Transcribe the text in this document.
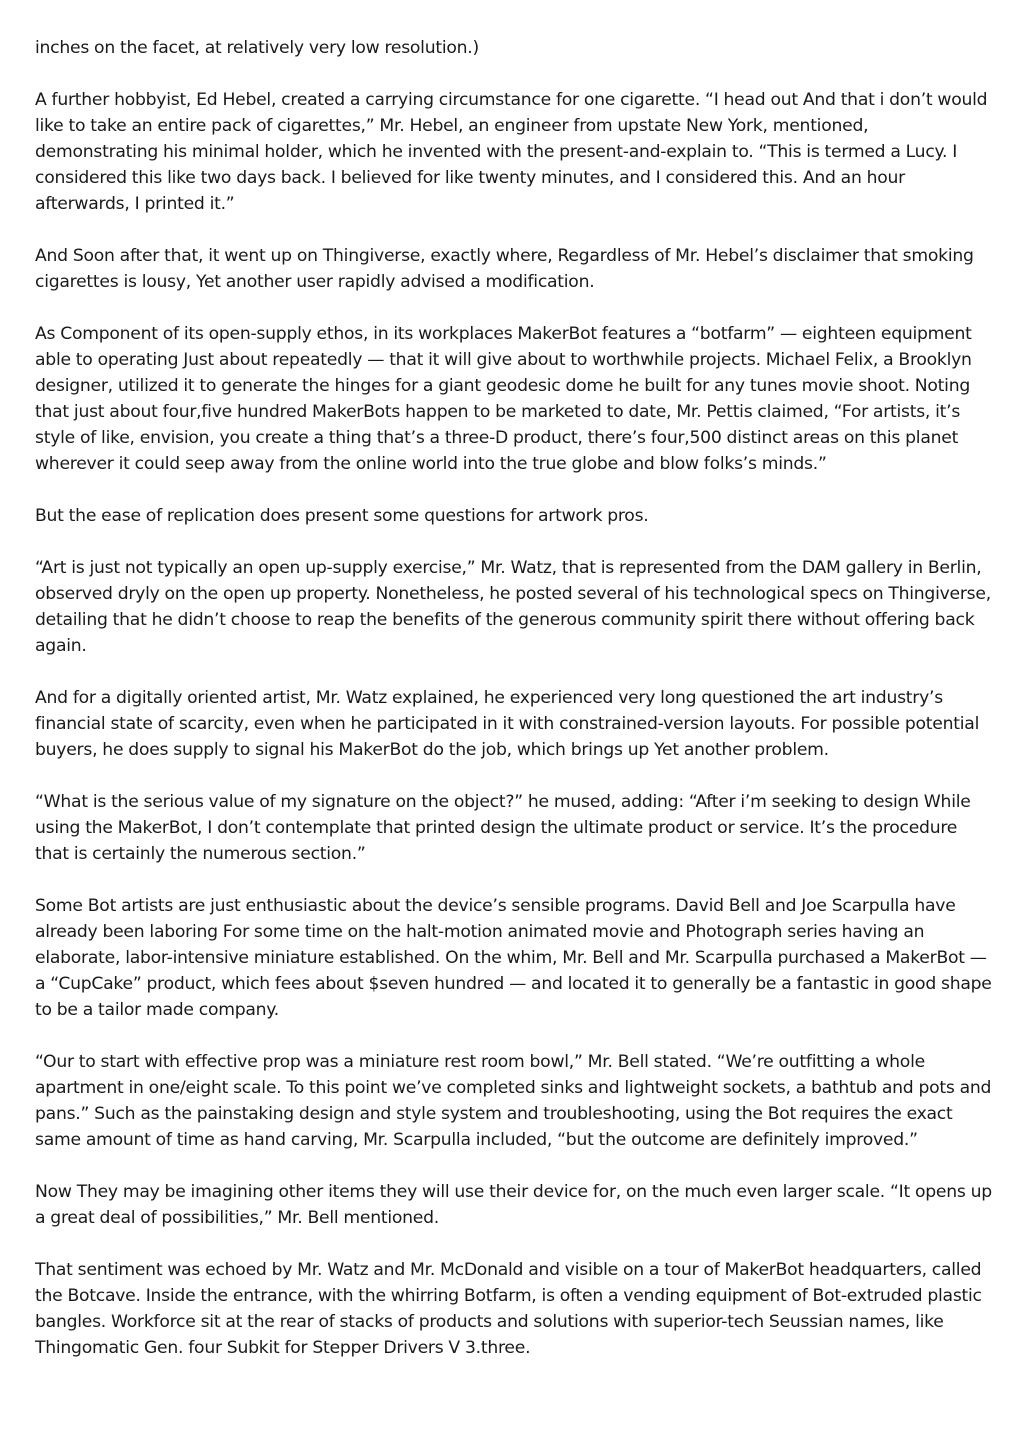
inches on the facet, at relatively very low resolution.)

A further hobbyist, Ed Hebel, created a carrying circumstance for one cigarette. “I head out And that i don’t would like to take an entire pack of cigarettes,” Mr. Hebel, an engineer from upstate New York, mentioned, demonstrating his minimal holder, which he invented with the present-and-explain to. “This is termed a Lucy. I considered this like two days back. I believed for like twenty minutes, and I considered this. And an hour afterwards, I printed it.”

And Soon after that, it went up on Thingiverse, exactly where, Regardless of Mr. Hebel’s disclaimer that smoking cigarettes is lousy, Yet another user rapidly advised a modification.

As Component of its open-supply ethos, in its workplaces MakerBot features a “botfarm” — eighteen equipment able to operating Just about repeatedly — that it will give about to worthwhile projects. Michael Felix, a Brooklyn designer, utilized it to generate the hinges for a giant geodesic dome he built for any tunes movie shoot. Noting that just about four,five hundred MakerBots happen to be marketed to date, Mr. Pettis claimed, “For artists, it’s style of like, envision, you create a thing that’s a three-D product, there’s four,500 distinct areas on this planet wherever it could seep away from the online world into the true globe and blow folks’s minds.”

But the ease of replication does present some questions for artwork pros.

“Art is just not typically an open up-supply exercise,” Mr. Watz, that is represented from the DAM gallery in Berlin, observed dryly on the open up property. Nonetheless, he posted several of his technological specs on Thingiverse, detailing that he didn’t choose to reap the benefits of the generous community spirit there without offering back again.

And for a digitally oriented artist, Mr. Watz explained, he experienced very long questioned the art industry’s financial state of scarcity, even when he participated in it with constrained-version layouts. For possible potential buyers, he does supply to signal his MakerBot do the job, which brings up Yet another problem.

“What is the serious value of my signature on the object?” he mused, adding: “After i’m seeking to design While using the MakerBot, I don’t contemplate that printed design the ultimate product or service. It’s the procedure that is certainly the numerous section.”

Some Bot artists are just enthusiastic about the device’s sensible programs. David Bell and Joe Scarpulla have already been laboring For some time on the halt-motion animated movie and Photograph series having an elaborate, labor-intensive miniature established. On the whim, Mr. Bell and Mr. Scarpulla purchased a MakerBot — a “CupCake” product, which fees about $seven hundred — and located it to generally be a fantastic in good shape to be a tailor made company.

“Our to start with effective prop was a miniature rest room bowl,” Mr. Bell stated. “We’re outfitting a whole apartment in one/eight scale. To this point we’ve completed sinks and lightweight sockets, a bathtub and pots and pans.” Such as the painstaking design and style system and troubleshooting, using the Bot requires the exact same amount of time as hand carving, Mr. Scarpulla included, “but the outcome are definitely improved.”

Now They may be imagining other items they will use their device for, on the much even larger scale. “It opens up a great deal of possibilities,” Mr. Bell mentioned.

That sentiment was echoed by Mr. Watz and Mr. McDonald and visible on a tour of MakerBot headquarters, called the Botcave. Inside the entrance, with the whirring Botfarm, is often a vending equipment of Bot-extruded plastic bangles. Workforce sit at the rear of stacks of products and solutions with superior-tech Seussian names, like Thingomatic Gen. four Subkit for Stepper Drivers V 3.three.
